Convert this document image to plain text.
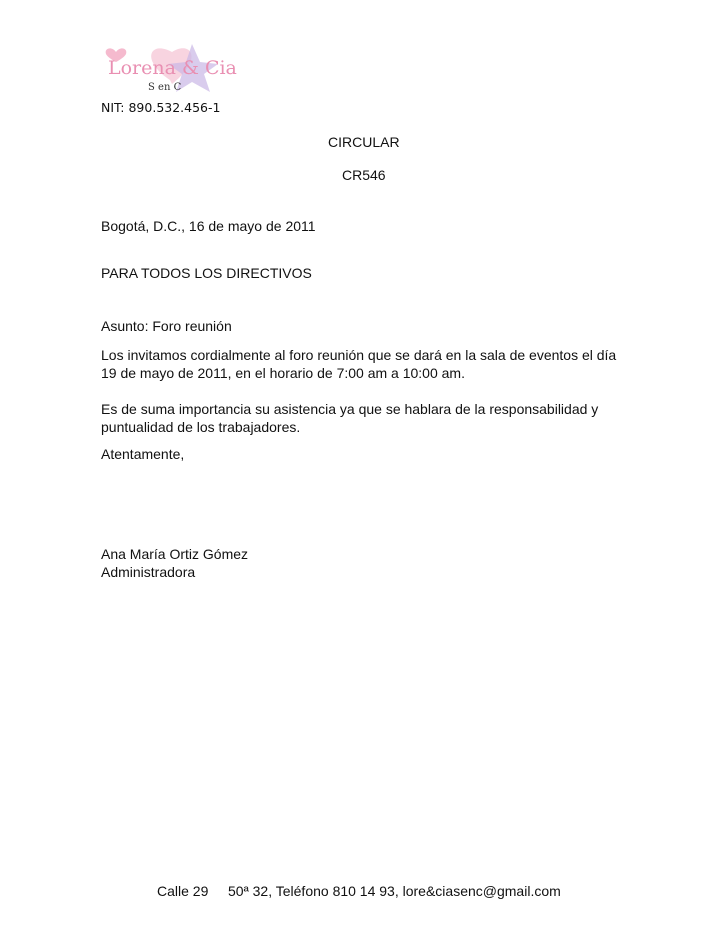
Lorena & Cia
S en C
NIT: 890.532.456-1
CIRCULAR
CR546
Bogotá, D.C., 16 de mayo de 2011
PARA TODOS LOS DIRECTIVOS
Asunto: Foro reunión
Los invitamos cordialmente al foro reunión que se dará en la sala de eventos el día
19 de mayo de 2011, en el horario de 7:00 am a 10:00 am.
Es de suma importancia su asistencia ya que se hablara de la responsabilidad y
puntualidad de los trabajadores.
Atentamente,
Ana María Ortiz Gómez
Administradora
Calle 29 50ª 32, Teléfono 810 14 93, lore&ciasenc@gmail.com
